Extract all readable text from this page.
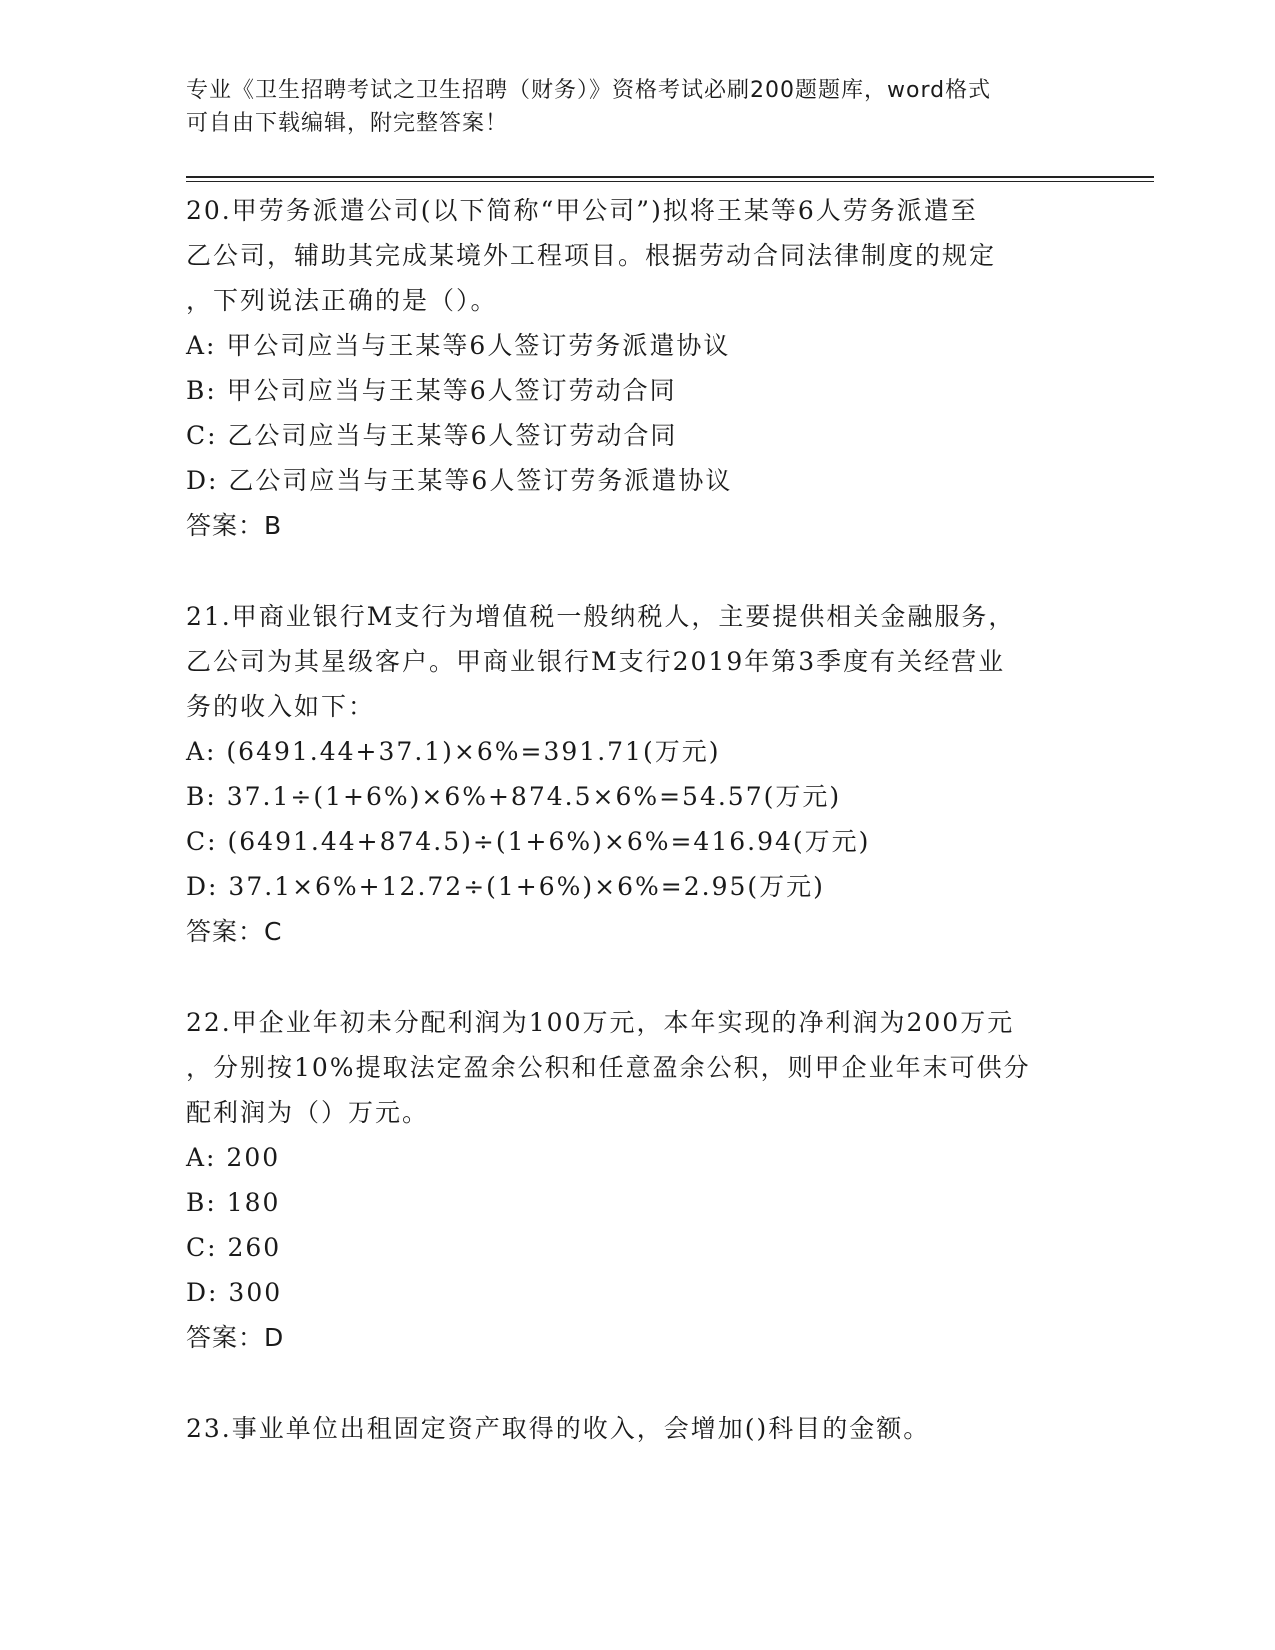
专业《卫生招聘考试之卫生招聘（财务）》资格考试必刷200题题库，word格式
可自由下载编辑，附完整答案！
20.甲劳务派遣公司(以下简称“甲公司”)拟将王某等6人劳务派遣至
乙公司，辅助其完成某境外工程项目。根据劳动合同法律制度的规定
，下列说法正确的是（）。
A: 甲公司应当与王某等6人签订劳务派遣协议
B: 甲公司应当与王某等6人签订劳动合同
C: 乙公司应当与王某等6人签订劳动合同
D: 乙公司应当与王某等6人签订劳务派遣协议
答案：B
21.甲商业银行M支行为增值税一般纳税人，主要提供相关金融服务，
乙公司为其星级客户。甲商业银行M支行2019年第3季度有关经营业
务的收入如下：
A: (6491.44+37.1)×6%=391.71(万元)
B: 37.1÷(1+6%)×6%+874.5×6%=54.57(万元)
C: (6491.44+874.5)÷(1+6%)×6%=416.94(万元)
D: 37.1×6%+12.72÷(1+6%)×6%=2.95(万元)
答案：C
22.甲企业年初未分配利润为100万元，本年实现的净利润为200万元
，分别按10%提取法定盈余公积和任意盈余公积，则甲企业年末可供分
配利润为（）万元。
A: 200
B: 180
C: 260
D: 300
答案：D
23.事业单位出租固定资产取得的收入，会增加()科目的金额。
